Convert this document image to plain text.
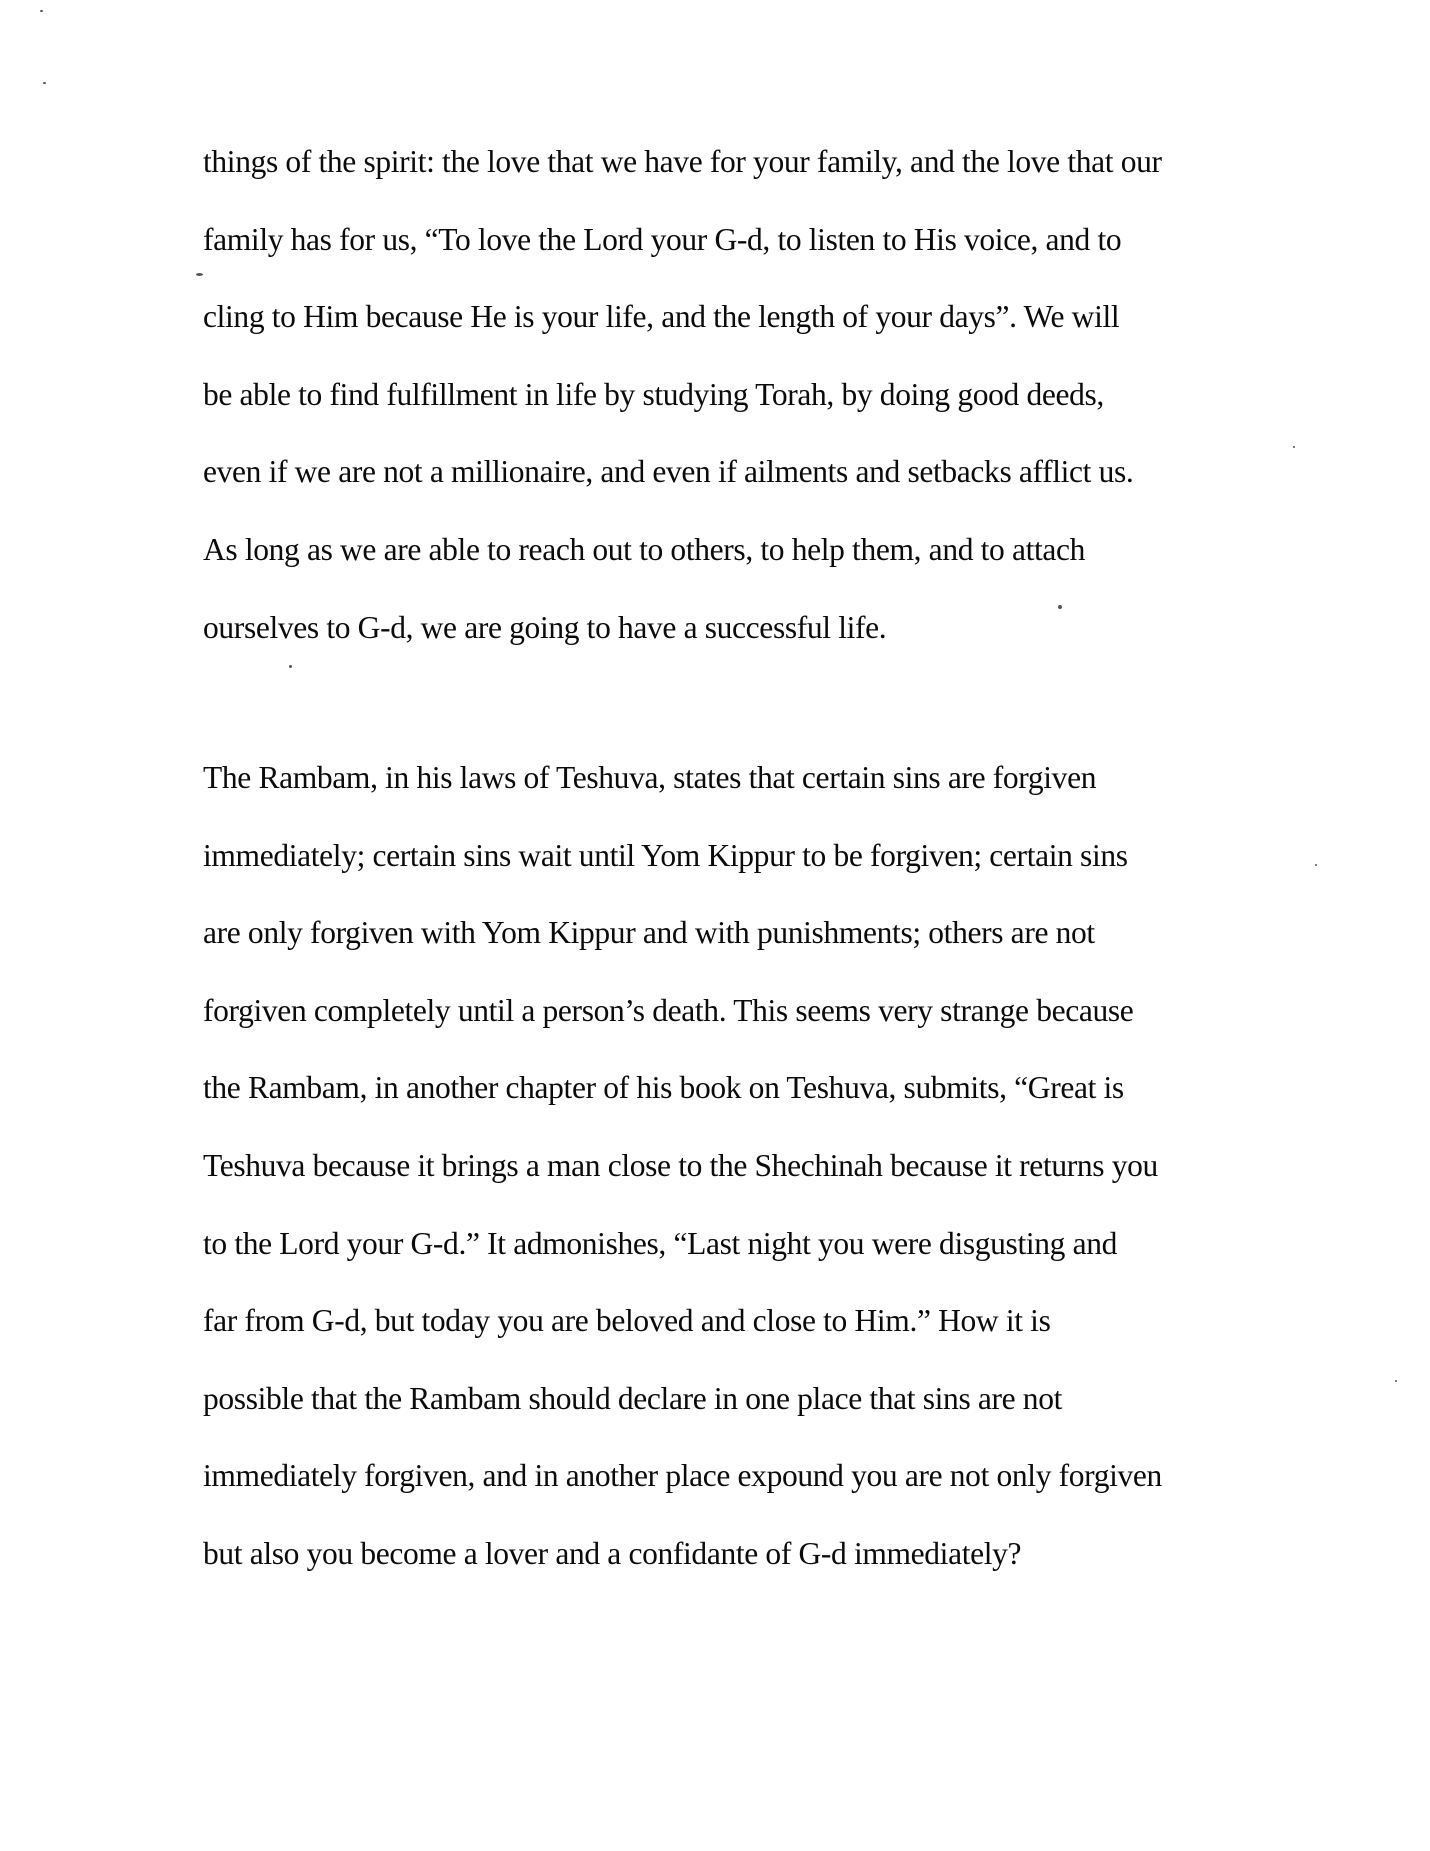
things of the spirit: the love that we have for your family, and the love that our
family has for us, “To love the Lord your G-d, to listen to His voice, and to
cling to Him because He is your life, and the length of your days”. We will
be able to find fulfillment in life by studying Torah, by doing good deeds,
even if we are not a millionaire, and even if ailments and setbacks afflict us.
As long as we are able to reach out to others, to help them, and to attach
ourselves to G-d, we are going to have a successful life.
The Rambam, in his laws of Teshuva, states that certain sins are forgiven
immediately; certain sins wait until Yom Kippur to be forgiven; certain sins
are only forgiven with Yom Kippur and with punishments; others are not
forgiven completely until a person’s death. This seems very strange because
the Rambam, in another chapter of his book on Teshuva, submits, “Great is
Teshuva because it brings a man close to the Shechinah because it returns you
to the Lord your G-d.” It admonishes, “Last night you were disgusting and
far from G-d, but today you are beloved and close to Him.” How it is
possible that the Rambam should declare in one place that sins are not
immediately forgiven, and in another place expound you are not only forgiven
but also you become a lover and a confidante of G-d immediately?
